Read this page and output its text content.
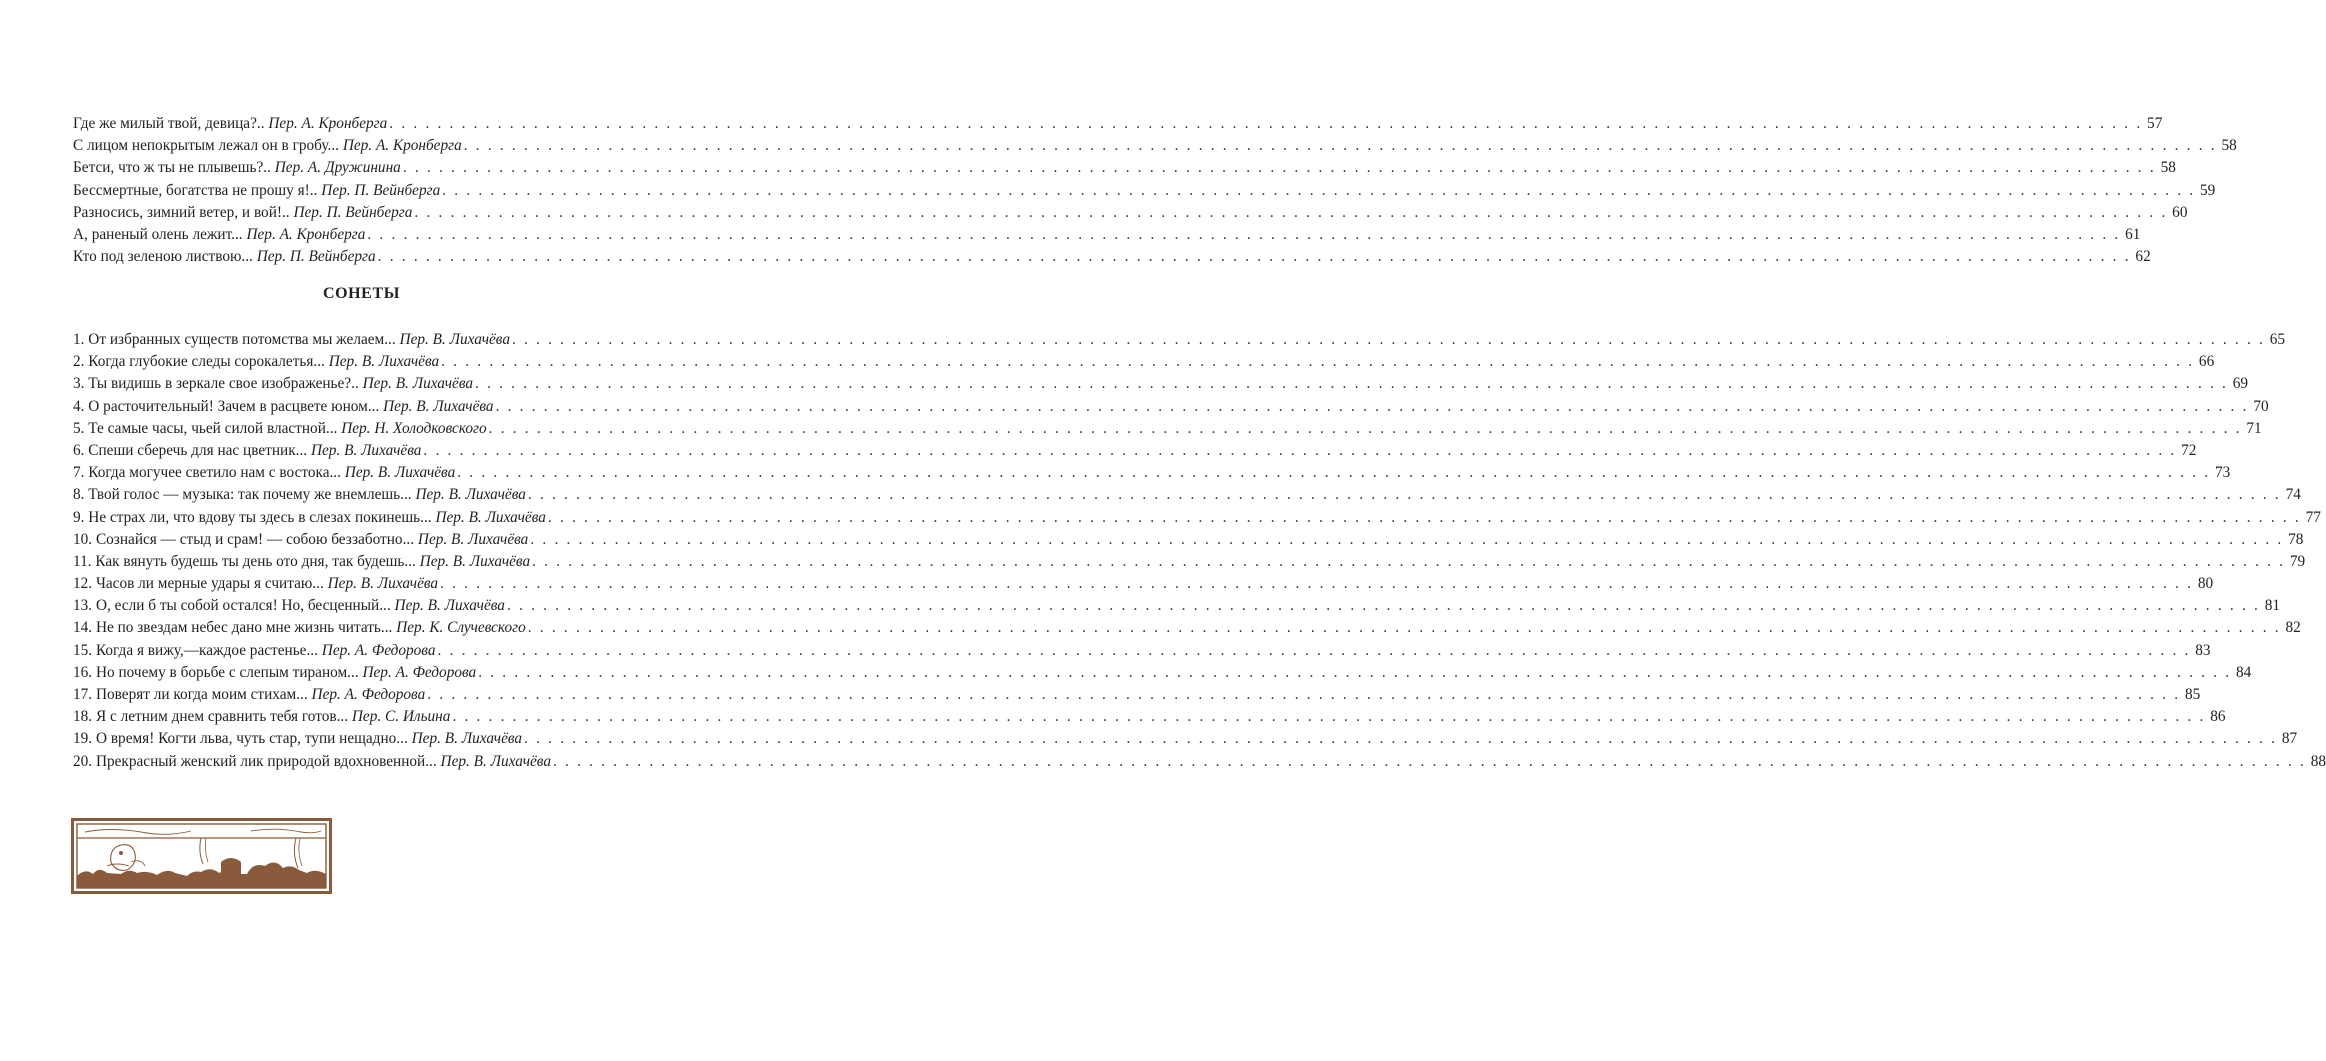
Где же милый твой, девица?.. Пер. А. Кронберга . . .	57
С лицом непокрытым лежал он в гробу... Пер. А. Кронберга . . .	58
Бетси, что ж ты не плывешь?.. Пер. А. Дружинина . . .	58
Бессмертные, богатства не прошу я!.. Пер. П. Вейнберга . . .	59
Разносись, зимний ветер, и вой!.. Пер. П. Вейнберга . . .	60
А, раненый олень лежит... Пер. А. Кронберга . . .	61
Кто под зеленою листвою... Пер. П. Вейнберга . . .	62
СОНЕТЫ
1. От избранных существ потомства мы желаем... Пер. В. Лихачёва . . .	65
2. Когда глубокие следы сорокалетья... Пер. В. Лихачёва . . .	66
3. Ты видишь в зеркале свое изображенье?.. Пер. В. Лихачёва . . .	69
4. О расточительный! Зачем в расцвете юном... Пер. В. Лихачёва . . .	70
5. Те самые часы, чьей силой властной... Пер. Н. Холодковского . . .	71
6. Спеши сберечь для нас цветник... Пер. В. Лихачёва . . .	72
7. Когда могучее светило нам с востока... Пер. В. Лихачёва . . .	73
8. Твой голос — музыка: так почему же внемлешь... Пер. В. Лихачёва . . .	74
9. Не страх ли, что вдову ты здесь в слезах покинешь... Пер. В. Лихачёва . . .	77
10. Сознайся — стыд и срам! — собою беззаботно... Пер. В. Лихачёва . . .	78
11. Как вянуть будешь ты день ото дня, так будешь... Пер. В. Лихачёва . . .	79
12. Часов ли мерные удары я считаю... Пер. В. Лихачёва . . .	80
13. О, если б ты собой остался! Но, бесценный... Пер. В. Лихачёва . . .	81
14. Не по звездам небес дано мне жизнь читать... Пер. К. Случевского . . .	82
15. Когда я вижу,—каждое растенье... Пер. А. Федорова . . .	83
16. Но почему в борьбе с слепым тираном... Пер. А. Федорова . . .	84
17. Поверят ли когда моим стихам... Пер. А. Федорова . . .	85
18. Я с летним днем сравнить тебя готов... Пер. С. Ильина . . .	86
19. О время! Когти льва, чуть стар, тупи нещадно... Пер. В. Лихачёва . . .	87
20. Прекрасный женский лик природой вдохновенной... Пер. В. Лихачёва . . .	88
